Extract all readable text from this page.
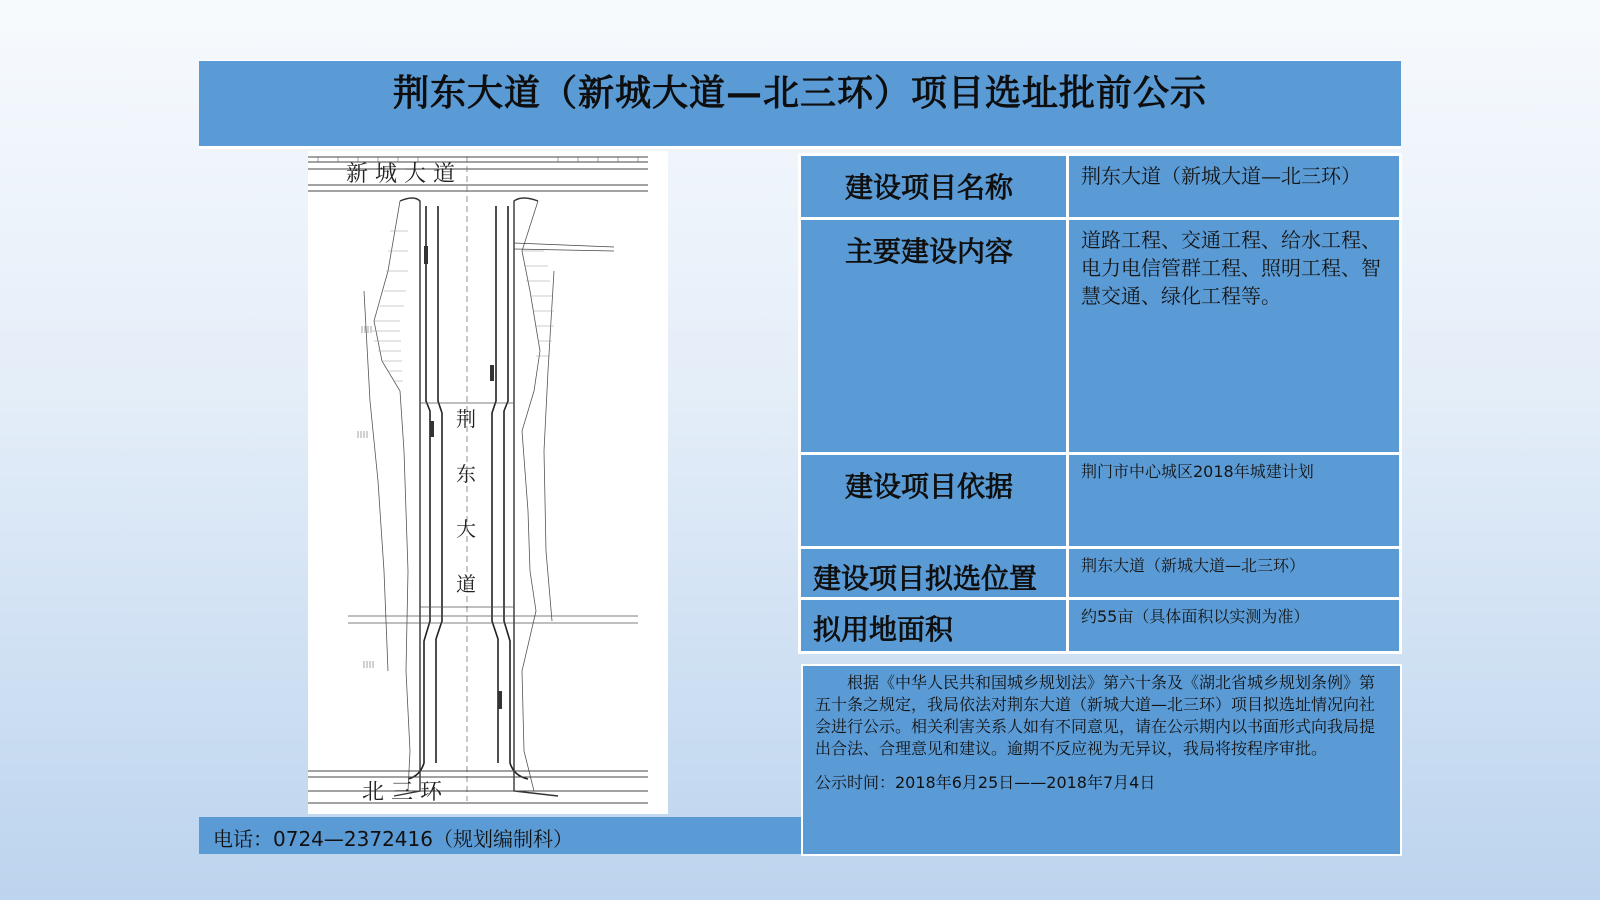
荆东大道（新城大道—北三环）项目选址批前公示
新 城 大 道
荆
东
大
道
北 三 环
电话：0724—2372416（规划编制科）
建设项目名称	荆东大道（新城大道—北三环）

主要建设内容	道路工程、交通工程、给水工程、电力电信管群工程、照明工程、智慧交通、绿化工程等。

建设项目依据	荆门市中心城区2018年城建计划

建设项目拟选位置	荆东大道（新城大道—北三环）

拟用地面积	约55亩（具体面积以实测为准）

根据《中华人民共和国城乡规划法》第六十条及《湖北省城乡规划条例》第五十条之规定，我局依法对荆东大道（新城大道—北三环）项目拟选址情况向社会进行公示。相关利害关系人如有不同意见，请在公示期内以书面形式向我局提出合法、合理意见和建议。逾期不反应视为无异议，我局将按程序审批。

公示时间：2018年6月25日——2018年7月4日
